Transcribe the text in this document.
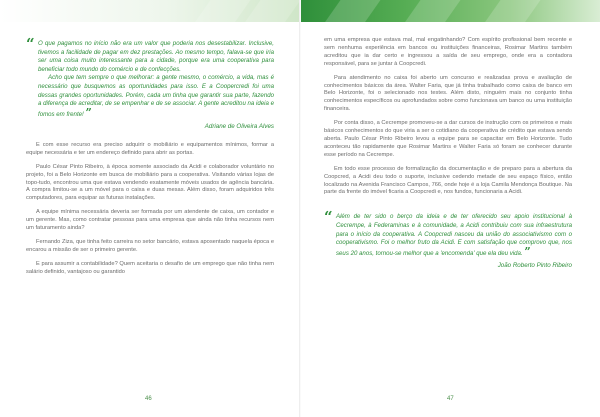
“ O que pagamos no início não era um valor que poderia nos desestabilizar. Inclusive, tivemos a facilidade de pagar em dez prestações. Ao mesmo tempo, falava-se que iria ser uma coisa muito interessante para a cidade, porque era uma cooperativa para beneficiar todo mundo do comércio e de confecções.

Acho que tem sempre o que melhorar: a gente mesmo, o comércio, a vida, mas é necessário que busquemos as oportunidades para isso. E a Coopercredi foi uma dessas grandes oportunidades. Porém, cada um tinha que garantir sua parte, fazendo a diferença de acreditar, de se empenhar e de se associar. A gente acreditou na ideia e fomos em frente! ”

Adriane de Oliveira Alves

E com esse recurso era preciso adquirir o mobiliário e equipamentos mínimos, formar a equipe necessária e ter um endereço definido para abrir as portas.

Paulo César Pinto Ribeiro, à época somente associado da Acidi e colaborador voluntário no projeto, foi a Belo Horizonte em busca de mobiliário para a cooperativa. Visitando várias lojas de topo-tudo, encontrou uma que estava vendendo exatamente móveis usados de agência bancária. A compra limitou-se a um móvel para o caixa e duas mesas. Além disso, foram adquiridos três computadores, para equipar as futuras instalações.

A equipe mínima necessária deveria ser formada por um atendente de caixa, um contador e um gerente. Mas, como contratar pessoas para uma empresa que ainda não tinha recursos nem um faturamento ainda?

Fernando Ziza, que tinha feito carreira no setor bancário, estava aposentado naquela época e encarou a missão de ser o primeiro gerente.

E para assumir a contabilidade? Quem aceitaria o desafio de um emprego que não tinha nem salário definido, vantajoso ou garantido

46

em uma empresa que estava mal, mal engatinhando? Com espírito profissional bem recente e sem nenhuma experiência em bancos ou instituições financeiras, Rosimar Martins também acreditou que ia dar certo e ingressou a saída de seu emprego, onde era a contadora responsável, para se juntar à Coopcredi.

Para atendimento no caixa foi aberto um concurso e realizadas prova e avaliação de conhecimentos básicos da área. Walter Faria, que já tinha trabalhado como caixa de banco em Belo Horizonte, foi o selecionado nos testes. Além disto, ninguém mais no conjunto tinha conhecimentos específicos ou aprofundados sobre como funcionava um banco ou uma instituição financeira.

Por conta disso, a Cecrempe promoveu-se a dar cursos de instrução com os primeiros e mais básicos conhecimentos do que viria a ser o cotidiano da cooperativa de crédito que estava sendo aberta. Paulo César Pinto Ribeiro levou a equipe para se capacitar em Belo Horizonte. Tudo aconteceu tão rapidamente que Rosimar Martins e Walter Faria só foram se conhecer durante esse período na Cecrempe.

Em todo esse processo de formalização da documentação e de preparo para a abertura da Coopcred, a Acidi deu todo o suporte, inclusive cedendo metade de seu espaço físico, então localizado na Avenida Francisco Campos, 766, onde hoje é a loja Camila Mendonça Boutique. Na parte da frente do imóvel ficaria a Coopcredi e, nos fundos, funcionaria a Acidi.

“ Além de ter sido o berço da ideia e de ter oferecido seu apoio institucional à Cecrempe, à Federaminas e à comunidade, a Acidi contribuiu com sua infraestrutura para o início da cooperativa. A Coopcredi nasceu da união do associativismo com o cooperativismo. Foi o melhor fruto da Acidi. E com satisfação que comprovo que, nos seus 20 anos, tornou-se melhor que a 'encomenda' que ela deu vida. ”

João Roberto Pinto Ribeiro
47
